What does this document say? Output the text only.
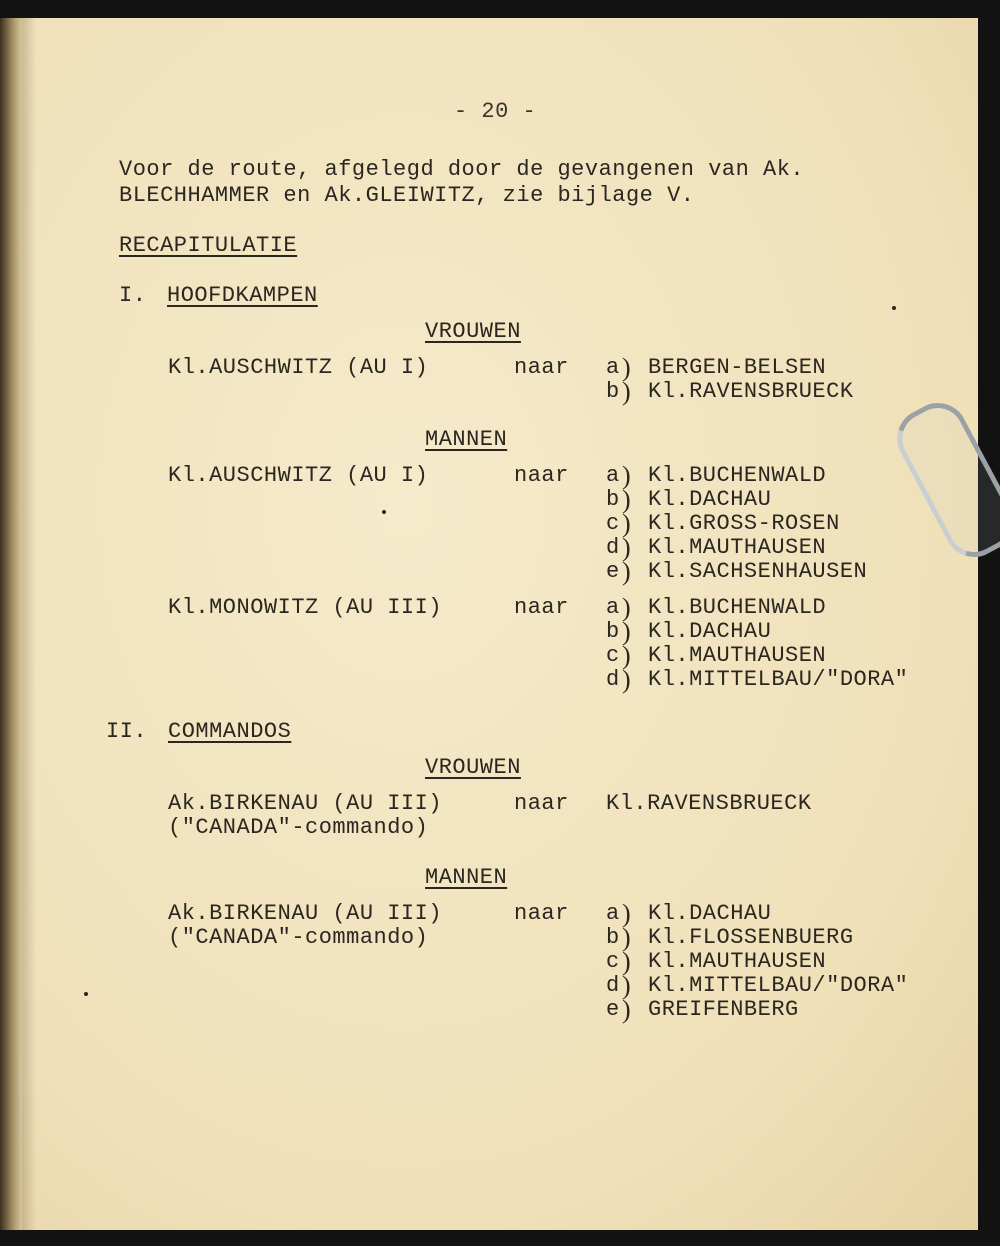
- 20 -
Voor de route, afgelegd door de gevangenen van Ak.
BLECHHAMMER en Ak.GLEIWITZ, zie bijlage V.
RECAPITULATIE
I. HOOFDKAMPEN
VROUWEN
Kl.AUSCHWITZ (AU I)	naar a BERGEN-BELSEN
b Kl.RAVENSBRUECK
)
)
MANNEN
Kl.AUSCHWITZ (AU I)	naar a Kl.BUCHENWALD
b Kl.DACHAU
c Kl.GROSS-ROSEN
d Kl.MAUTHAUSEN
e Kl.SACHSENHAUSEN
)
)
)
)
)
Kl.MONOWITZ (AU III)	naar a Kl.BUCHENWALD
b Kl.DACHAU
c Kl.MAUTHAUSEN
d Kl.MITTELBAU/"DORA"
)
)
)
)
II. COMMANDOS
VROUWEN
Ak.BIRKENAU (AU III)
("CANADA"-commando)
naar Kl.RAVENSBRUECK
MANNEN
Ak.BIRKENAU (AU III)
("CANADA"-commando)
naar a Kl.DACHAU
b Kl.FLOSSENBUERG
c Kl.MAUTHAUSEN
d Kl.MITTELBAU/"DORA"
e GREIFENBERG
)
)
)
)
)
